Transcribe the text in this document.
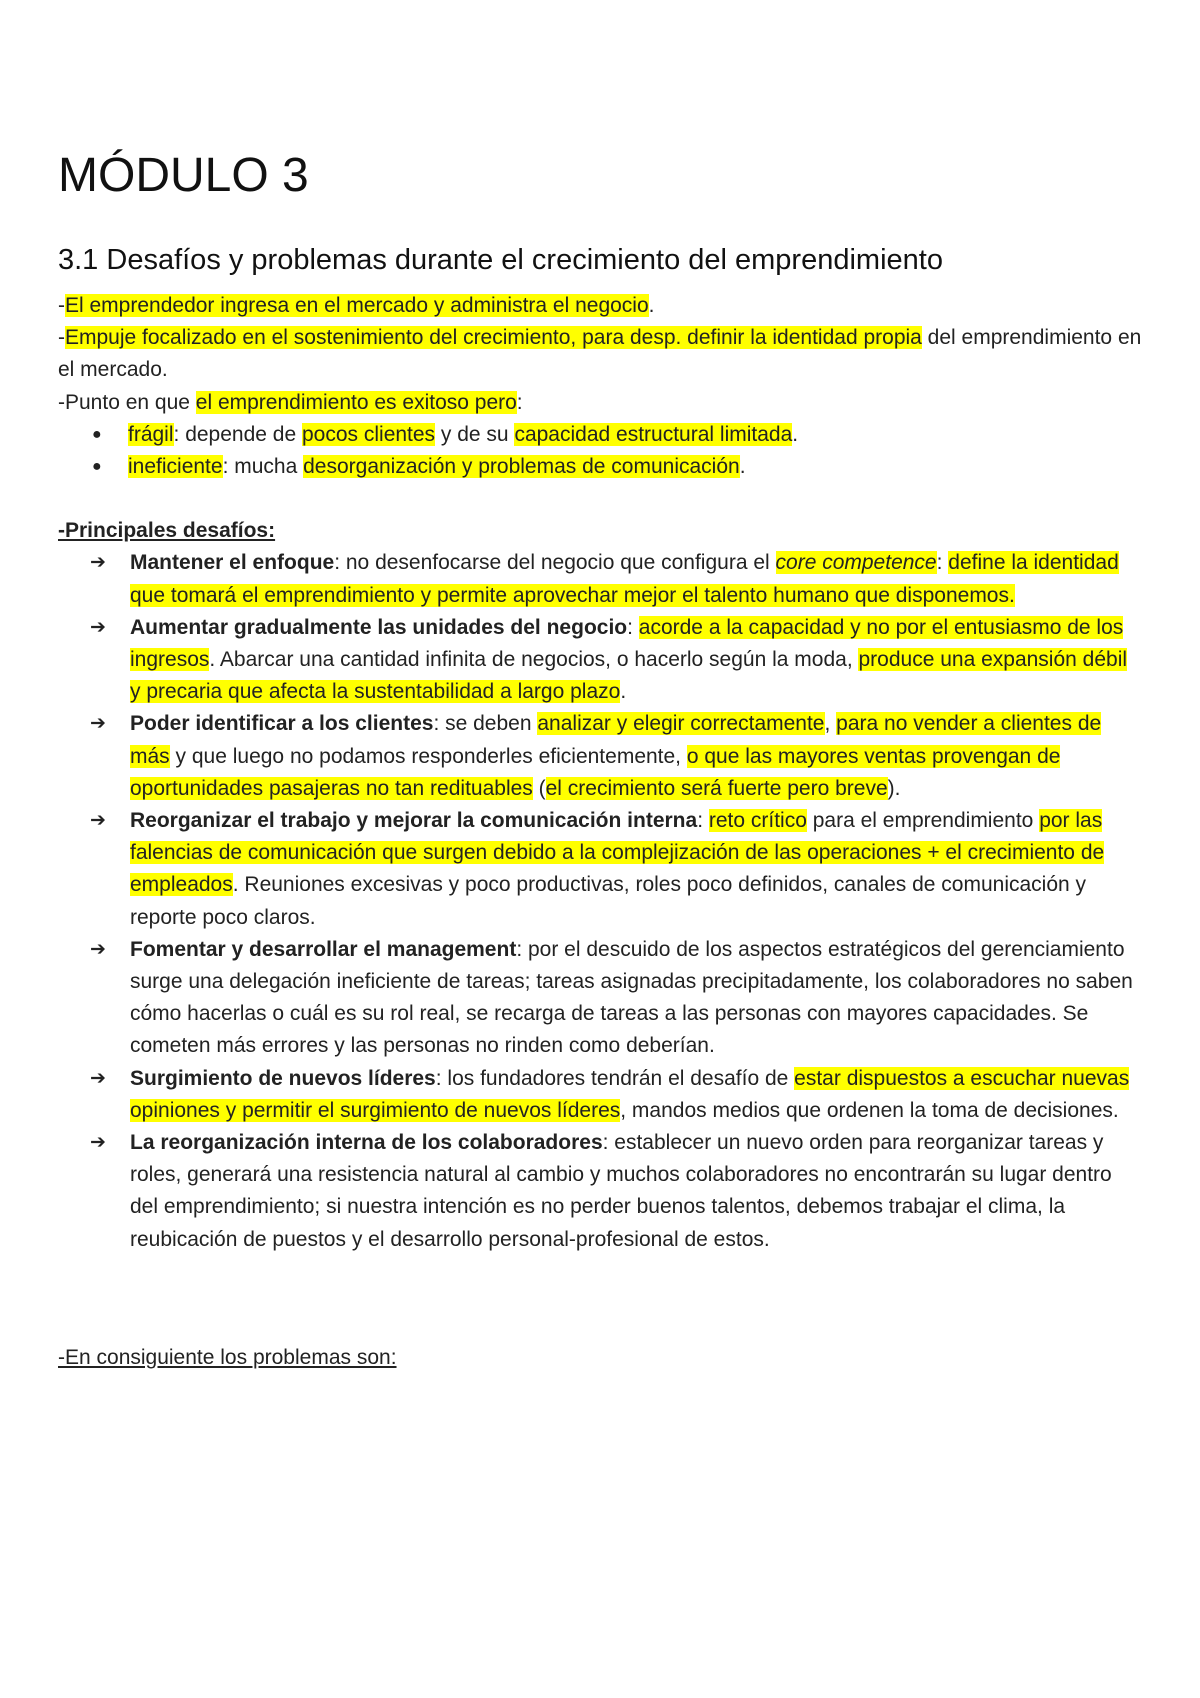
MÓDULO 3
3.1 Desafíos y problemas durante el crecimiento del emprendimiento

-El emprendedor ingresa en el mercado y administra el negocio.

-Empuje focalizado en el sostenimiento del crecimiento, para desp. definir la identidad propia del emprendimiento en el mercado.

-Punto en que el emprendimiento es exitoso pero:

● frágil: depende de pocos clientes y de su capacidad estructural limitada.
● ineficiente: mucha desorganización y problemas de comunicación.

-Principales desafíos:

➔ Mantener el enfoque: no desenfocarse del negocio que configura el core competence: define la identidad que tomará el emprendimiento y permite aprovechar mejor el talento humano que disponemos.
➔ Aumentar gradualmente las unidades del negocio: acorde a la capacidad y no por el entusiasmo de los ingresos. Abarcar una cantidad infinita de negocios, o hacerlo según la moda, produce una expansión débil y precaria que afecta la sustentabilidad a largo plazo.
➔ Poder identificar a los clientes: se deben analizar y elegir correctamente, para no vender a clientes de más y que luego no podamos responderles eficientemente, o que las mayores ventas provengan de oportunidades pasajeras no tan redituables (el crecimiento será fuerte pero breve).
➔ Reorganizar el trabajo y mejorar la comunicación interna: reto crítico para el emprendimiento por las falencias de comunicación que surgen debido a la complejización de las operaciones + el crecimiento de empleados. Reuniones excesivas y poco productivas, roles poco definidos, canales de comunicación y reporte poco claros.
➔ Fomentar y desarrollar el management: por el descuido de los aspectos estratégicos del gerenciamiento surge una delegación ineficiente de tareas; tareas asignadas precipitadamente, los colaboradores no saben cómo hacerlas o cuál es su rol real, se recarga de tareas a las personas con mayores capacidades. Se cometen más errores y las personas no rinden como deberían.
➔ Surgimiento de nuevos líderes: los fundadores tendrán el desafío de estar dispuestos a escuchar nuevas opiniones y permitir el surgimiento de nuevos líderes, mandos medios que ordenen la toma de decisiones.
➔ La reorganización interna de los colaboradores: establecer un nuevo orden para reorganizar tareas y roles, generará una resistencia natural al cambio y muchos colaboradores no encontrarán su lugar dentro del emprendimiento; si nuestra intención es no perder buenos talentos, debemos trabajar el clima, la reubicación de puestos y el desarrollo personal-profesional de estos.

-En consiguiente los problemas son:
